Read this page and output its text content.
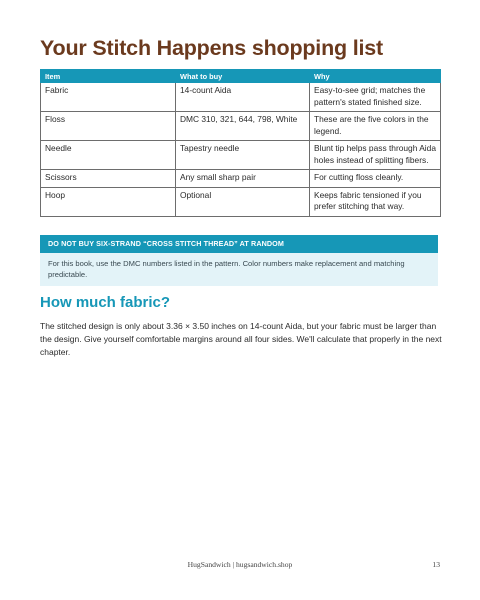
Your Stitch Happens shopping list
Item	What to buy	Why
Fabric	14-count Aida	Easy-to-see grid; matches the pattern's stated finished size.
Floss	DMC 310, 321, 644, 798, White	These are the five colors in the legend.
Needle	Tapestry needle	Blunt tip helps pass through Aida holes instead of splitting fibers.
Scissors	Any small sharp pair	For cutting floss cleanly.
Hoop	Optional	Keeps fabric tensioned if you prefer stitching that way.
DO NOT BUY SIX-STRAND “CROSS STITCH THREAD” AT RANDOM
For this book, use the DMC numbers listed in the pattern. Color numbers make replacement and matching predictable.
How much fabric?

The stitched design is only about 3.36 × 3.50 inches on 14-count Aida, but your fabric must be larger than the design. Give yourself comfortable margins around all four sides. We'll calculate that properly in the next chapter.

HugSandwich | hugsandwich.shop	13
